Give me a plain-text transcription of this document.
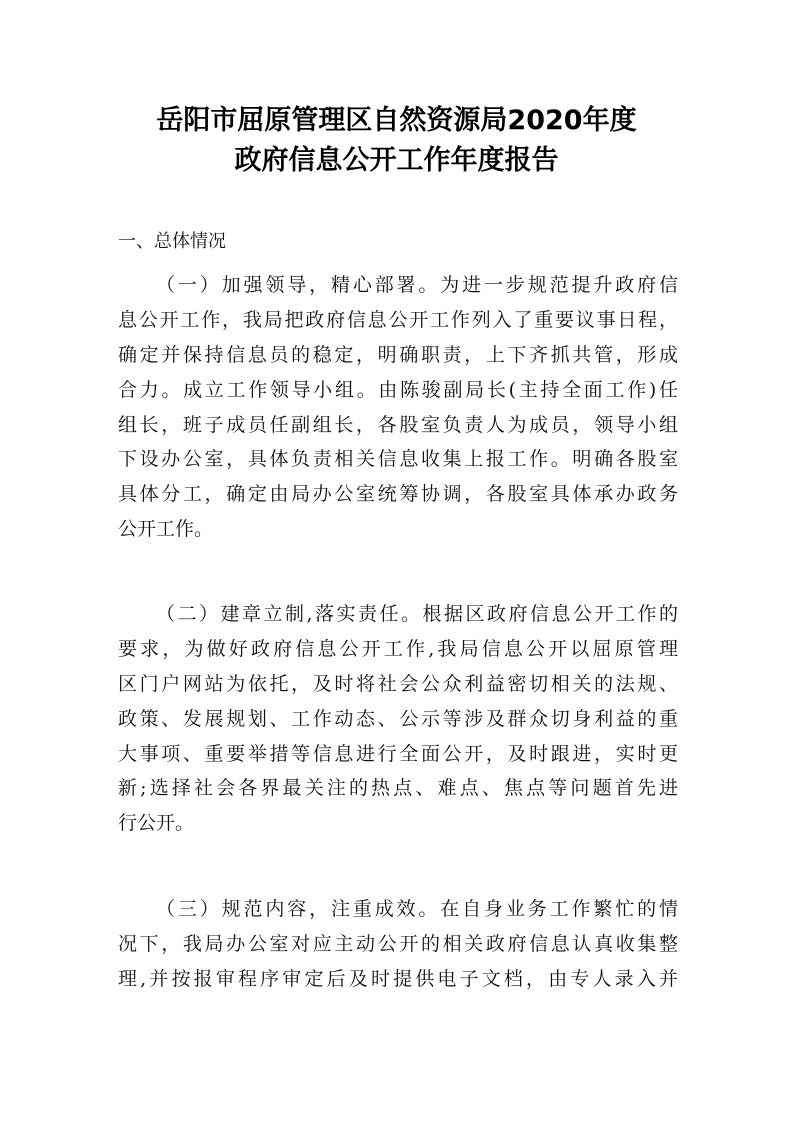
岳阳市屈原管理区自然资源局2020年度
政府信息公开工作年度报告
一、总体情况
（一）加强领导，精心部署。为进一步规范提升政府信
息公开工作，我局把政府信息公开工作列入了重要议事日程，
确定并保持信息员的稳定，明确职责，上下齐抓共管，形成
合力。成立工作领导小组。由陈骏副局长(主持全面工作)任
组长，班子成员任副组长，各股室负责人为成员，领导小组
下设办公室，具体负责相关信息收集上报工作。明确各股室
具体分工，确定由局办公室统筹协调，各股室具体承办政务
公开工作。
（二）建章立制,落实责任。根据区政府信息公开工作的
要求，为做好政府信息公开工作,我局信息公开以屈原管理
区门户网站为依托，及时将社会公众利益密切相关的法规、
政策、发展规划、工作动态、公示等涉及群众切身利益的重
大事项、重要举措等信息进行全面公开，及时跟进，实时更
新;选择社会各界最关注的热点、难点、焦点等问题首先进
行公开。
（三）规范内容，注重成效。在自身业务工作繁忙的情
况下，我局办公室对应主动公开的相关政府信息认真收集整
理,并按报审程序审定后及时提供电子文档，由专人录入并
